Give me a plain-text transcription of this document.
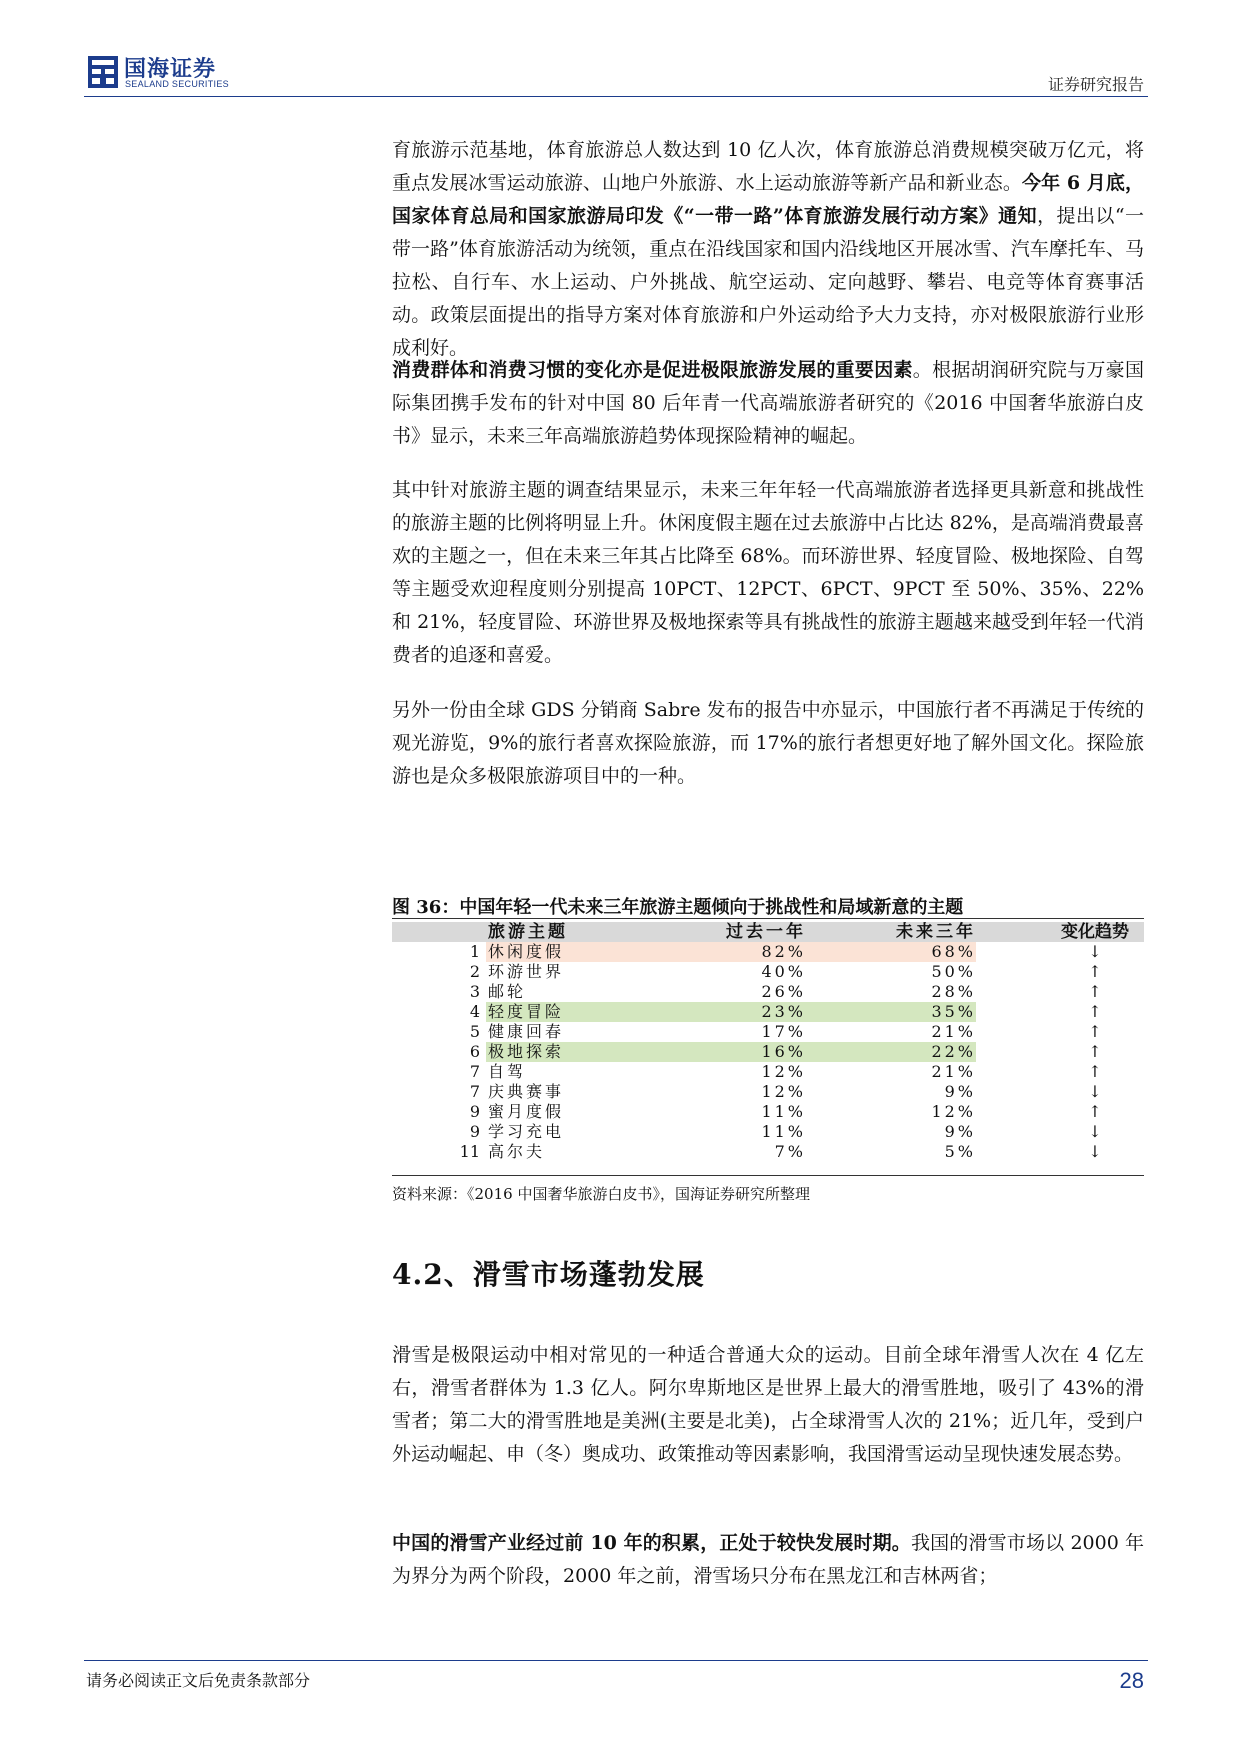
国海证券
SEALAND SECURITIES	证券研究报告

育旅游示范基地，体育旅游总人数达到 10 亿人次，体育旅游总消费规模突破万亿元，将重点发展冰雪运动旅游、山地户外旅游、水上运动旅游等新产品和新业态。今年 6 月底，国家体育总局和国家旅游局印发《“一带一路”体育旅游发展行动方案》通知，提出以“一带一路”体育旅游活动为统领，重点在沿线国家和国内沿线地区开展冰雪、汽车摩托车、马拉松、自行车、水上运动、户外挑战、航空运动、定向越野、攀岩、电竞等体育赛事活动。政策层面提出的指导方案对体育旅游和户外运动给予大力支持，亦对极限旅游行业形成利好。

消费群体和消费习惯的变化亦是促进极限旅游发展的重要因素。根据胡润研究院与万豪国际集团携手发布的针对中国 80 后年青一代高端旅游者研究的《2016 中国奢华旅游白皮书》显示，未来三年高端旅游趋势体现探险精神的崛起。

其中针对旅游主题的调查结果显示，未来三年年轻一代高端旅游者选择更具新意和挑战性的旅游主题的比例将明显上升。休闲度假主题在过去旅游中占比达 82%，是高端消费最喜欢的主题之一，但在未来三年其占比降至 68%。而环游世界、轻度冒险、极地探险、自驾等主题受欢迎程度则分别提高 10PCT、12PCT、6PCT、9PCT 至 50%、35%、22%和 21%，轻度冒险、环游世界及极地探索等具有挑战性的旅游主题越来越受到年轻一代消费者的追逐和喜爱。

另外一份由全球 GDS 分销商 Sabre 发布的报告中亦显示，中国旅行者不再满足于传统的观光游览，9%的旅行者喜欢探险旅游，而 17%的旅行者想更好地了解外国文化。探险旅游也是众多极限旅游项目中的一种。

图 36：中国年轻一代未来三年旅游主题倾向于挑战性和局域新意的主题
	旅游主题	过去一年	未来三年	变化趋势
1	休闲度假	82%	68%	↓
2	环游世界	40%	50%	↑
3	邮轮	26%	28%	↑
4	轻度冒险	23%	35%	↑
5	健康回春	17%	21%	↑
6	极地探索	16%	22%	↑
7	自驾	12%	21%	↑
7	庆典赛事	12%	9%	↓
9	蜜月度假	11%	12%	↑
9	学习充电	11%	9%	↓
11	高尔夫	7%	5%	↓
资料来源：《2016 中国奢华旅游白皮书》，国海证券研究所整理
4.2、滑雪市场蓬勃发展

滑雪是极限运动中相对常见的一种适合普通大众的运动。目前全球年滑雪人次在 4 亿左右，滑雪者群体为 1.3 亿人。阿尔卑斯地区是世界上最大的滑雪胜地，吸引了 43%的滑雪者；第二大的滑雪胜地是美洲(主要是北美)，占全球滑雪人次的 21%；近几年，受到户外运动崛起、申（冬）奥成功、政策推动等因素影响，我国滑雪运动呈现快速发展态势。

中国的滑雪产业经过前 10 年的积累，正处于较快发展时期。我国的滑雪市场以 2000 年为界分为两个阶段，2000 年之前，滑雪场只分布在黑龙江和吉林两省；

请务必阅读正文后免责条款部分	28
